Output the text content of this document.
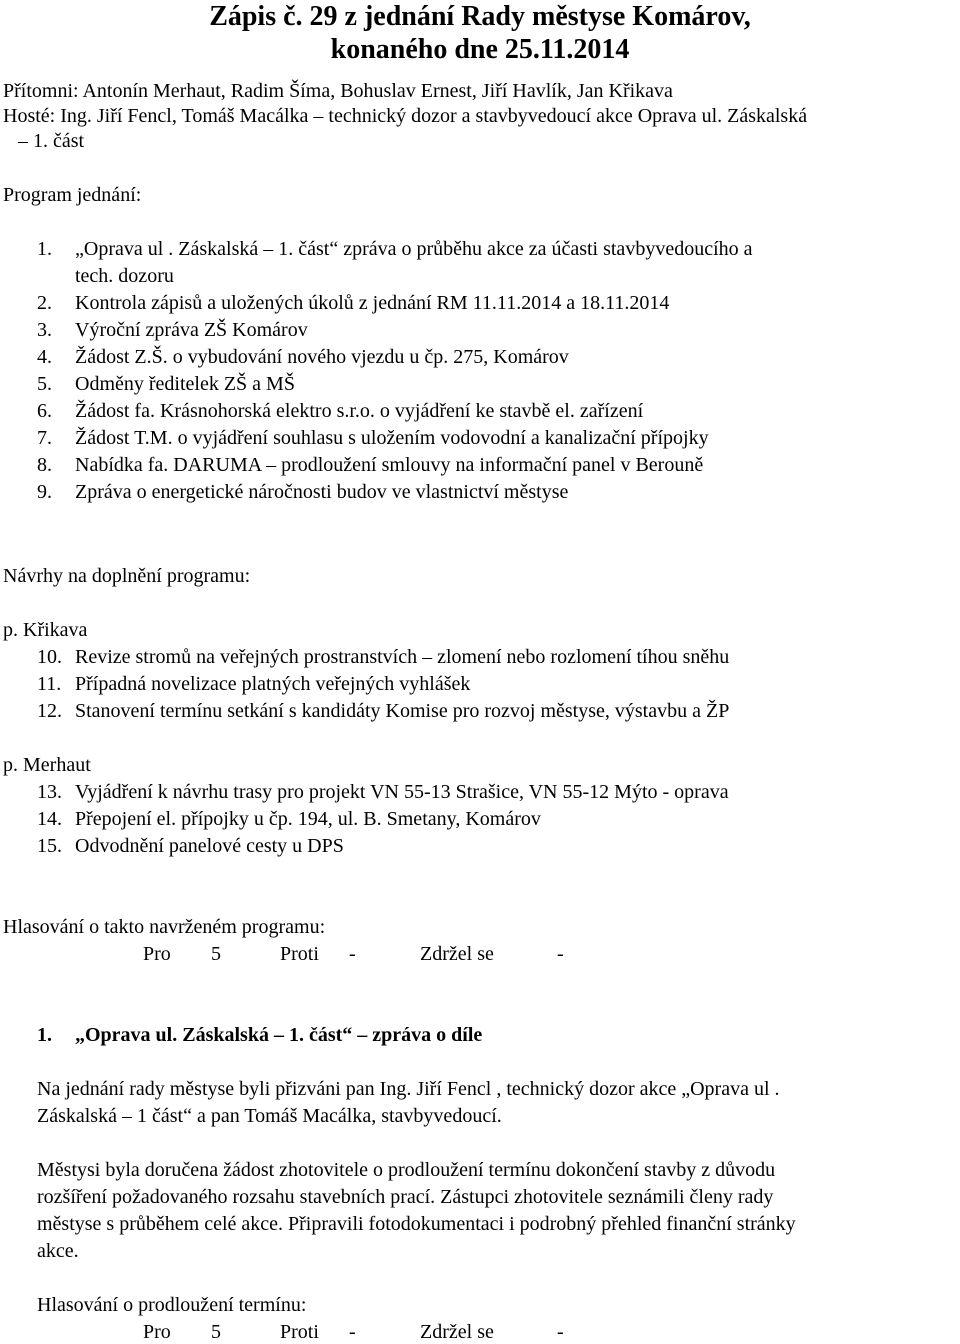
Zápis č. 29 z jednání Rady městyse Komárov,
konaného dne 25.11.2014
Přítomni: Antonín Merhaut, Radim Šíma, Bohuslav Ernest, Jiří Havlík, Jan Křikava
Hosté: Ing. Jiří Fencl, Tomáš Macálka – technický dozor a stavbyvedoucí akce Oprava ul. Záskalská
– 1. část
Program jednání:
1. „Oprava ul . Záskalská – 1. část“ zpráva o průběhu akce za účasti stavbyvedoucího a
tech. dozoru
2. Kontrola zápisů a uložených úkolů z jednání RM 11.11.2014 a 18.11.2014
3. Výroční zpráva ZŠ Komárov
4. Žádost Z.Š. o vybudování nového vjezdu u čp. 275, Komárov
5. Odměny ředitelek ZŠ a MŠ
6. Žádost fa. Krásnohorská elektro s.r.o. o vyjádření ke stavbě el. zařízení
7. Žádost T.M. o vyjádření souhlasu s uložením vodovodní a kanalizační přípojky
8. Nabídka fa. DARUMA – prodloužení smlouvy na informační panel v Berouně
9. Zpráva o energetické náročnosti budov ve vlastnictví městyse
Návrhy na doplnění programu:
p. Křikava
10. Revize stromů na veřejných prostranstvích – zlomení nebo rozlomení tíhou sněhu
11. Případná novelizace platných veřejných vyhlášek
12. Stanovení termínu setkání s kandidáty Komise pro rozvoj městyse, výstavbu a ŽP
p. Merhaut
13. Vyjádření k návrhu trasy pro projekt VN 55-13 Strašice, VN 55-12 Mýto - oprava
14. Přepojení el. přípojky u čp. 194, ul. B. Smetany, Komárov
15. Odvodnění panelové cesty u DPS
Hlasování o takto navrženém programu:
Pro 5	Proti -	Zdržel se	-
1. „Oprava ul. Záskalská – 1. část“ – zpráva o díle
Na jednání rady městyse byli přizváni pan Ing. Jiří Fencl , technický dozor akce „Oprava ul .
Záskalská – 1 část“ a pan Tomáš Macálka, stavbyvedoucí.
Městysi byla doručena žádost zhotovitele o prodloužení termínu dokončení stavby z důvodu
rozšíření požadovaného rozsahu stavebních prací. Zástupci zhotovitele seznámili členy rady
městyse s průběhem celé akce. Připravili fotodokumentaci i podrobný přehled finanční stránky
akce.
Hlasování o prodloužení termínu:
Pro 5	Proti -	Zdržel se	-
